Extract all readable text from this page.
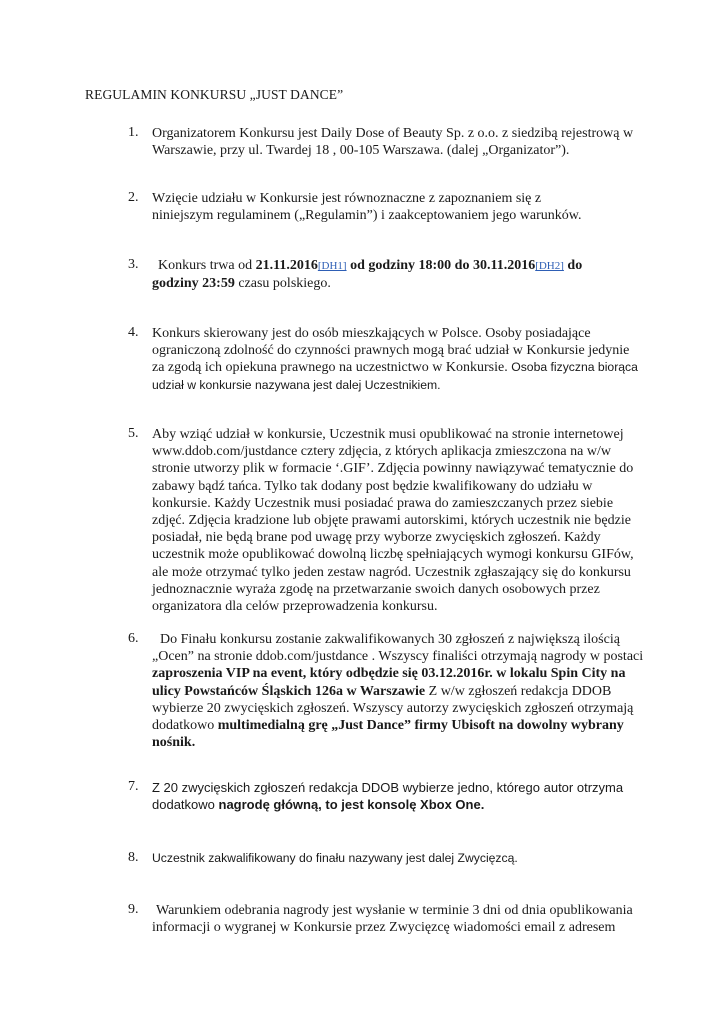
REGULAMIN KONKURSU „JUST DANCE”
1. Organizatorem Konkursu jest Daily Dose of Beauty Sp. z o.o. z siedzibą rejestrową w
Warszawie, przy ul. Twardej 18 , 00-105 Warszawa. (dalej „Organizator”).
2. Wzięcie udziału w Konkursie jest równoznaczne z zapoznaniem się z
niniejszym regulaminem („Regulamin”) i zaakceptowaniem jego warunków.
3. Konkurs trwa od 21.11.2016[DH1] od godziny 18:00 do 30.11.2016[DH2] do
godziny 23:59 czasu polskiego.
4. Konkurs skierowany jest do osób mieszkających w Polsce. Osoby posiadające
ograniczoną zdolność do czynności prawnych mogą brać udział w Konkursie jedynie
za zgodą ich opiekuna prawnego na uczestnictwo w Konkursie. Osoba fizyczna biorąca
udział w konkursie nazywana jest dalej Uczestnikiem.
5. Aby wziąć udział w konkursie, Uczestnik musi opublikować na stronie internetowej
www.ddob.com/justdance cztery zdjęcia, z których aplikacja zmieszczona na w/w
stronie utworzy plik w formacie ‘.GIF’. Zdjęcia powinny nawiązywać tematycznie do
zabawy bądź tańca. Tylko tak dodany post będzie kwalifikowany do udziału w
konkursie. Każdy Uczestnik musi posiadać prawa do zamieszczanych przez siebie
zdjęć. Zdjęcia kradzione lub objęte prawami autorskimi, których uczestnik nie będzie
posiadał, nie będą brane pod uwagę przy wyborze zwycięskich zgłoszeń. Każdy
uczestnik może opublikować dowolną liczbę spełniających wymogi konkursu GIFów,
ale może otrzymać tylko jeden zestaw nagród. Uczestnik zgłaszający się do konkursu
jednoznacznie wyraża zgodę na przetwarzanie swoich danych osobowych przez
organizatora dla celów przeprowadzenia konkursu.
6.	Do Finału konkursu zostanie zakwalifikowanych 30 zgłoszeń z największą ilością
„Ocen” na stronie ddob.com/justdance . Wszyscy finaliści otrzymają nagrody w postaci
zaproszenia VIP na event, który odbędzie się 03.12.2016r. w lokalu Spin City na
ulicy Powstańców Śląskich 126a w Warszawie Z w/w zgłoszeń redakcja DDOB
wybierze 20 zwycięskich zgłoszeń. Wszyscy autorzy zwycięskich zgłoszeń otrzymają
dodatkowo multimedialną grę „Just Dance” firmy Ubisoft na dowolny wybrany
nośnik.
7. Z 20 zwycięskich zgłoszeń redakcja DDOB wybierze jedno, którego autor otrzyma
dodatkowo nagrodę główną, to jest konsolę Xbox One.
8. Uczestnik zakwalifikowany do finału nazywany jest dalej Zwycięzcą.
9. Warunkiem odebrania nagrody jest wysłanie w terminie 3 dni od dnia opublikowania
informacji o wygranej w Konkursie przez Zwycięzcę wiadomości email z adresem
